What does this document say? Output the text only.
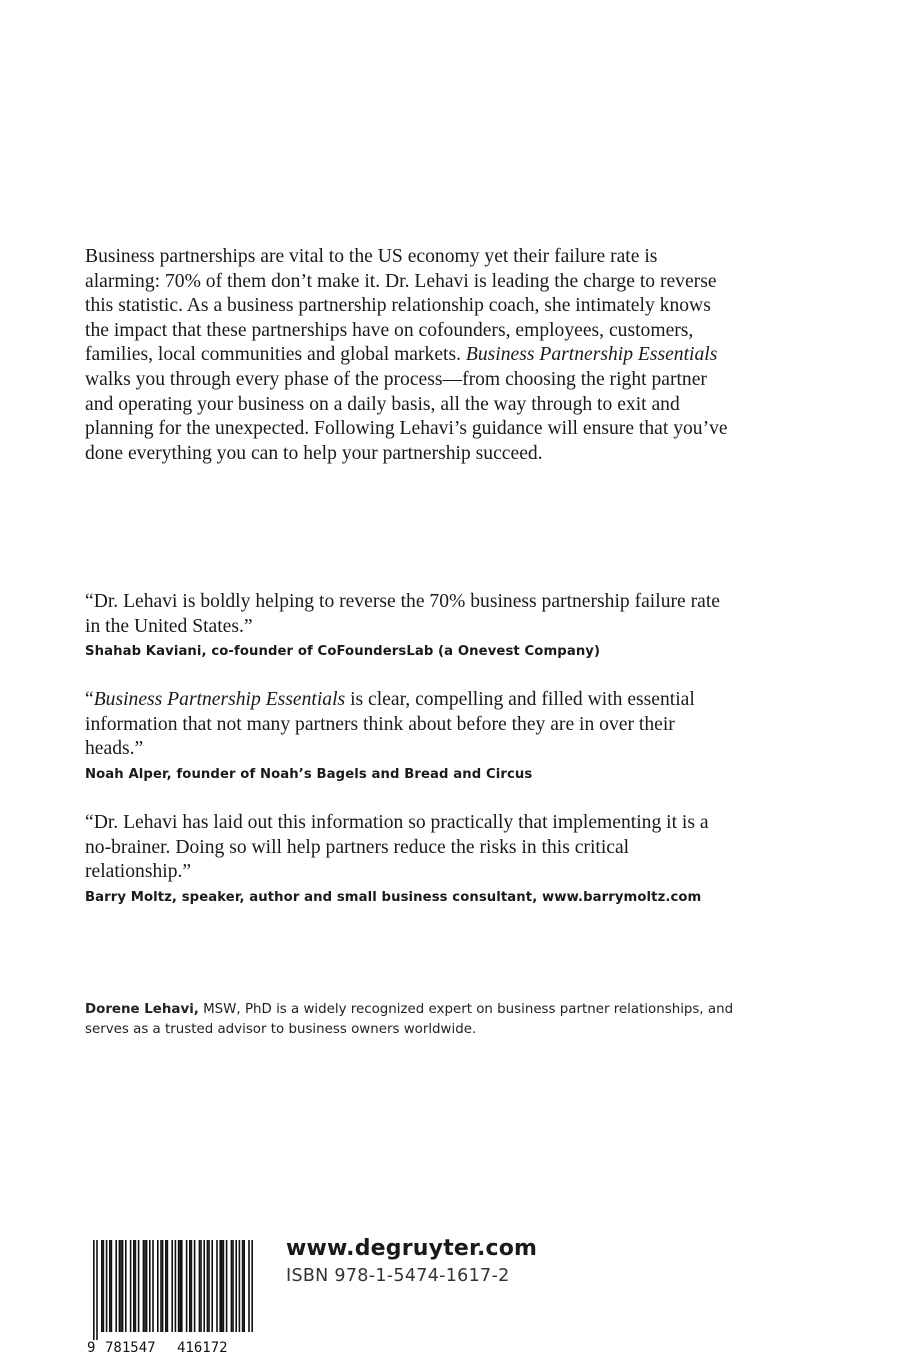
Business partnerships are vital to the US economy yet their failure rate is alarming: 70% of them don’t make it. Dr. Lehavi is leading the charge to reverse this statistic. As a business partnership relationship coach, she intimately knows the impact that these partnerships have on cofounders, employees, customers, families, local communities and global markets. Business Partnership Essentials walks you through every phase of the process—from choosing the right partner and operating your business on a daily basis, all the way through to exit and planning for the unexpected. Following Lehavi’s guidance will ensure that you’ve done everything you can to help your partnership succeed.

“Dr. Lehavi is boldly helping to reverse the 70% business partnership failure rate in the United States.”

Shahab Kaviani, co-founder of CoFoundersLab (a Onevest Company)

“Business Partnership Essentials is clear, compelling and filled with essential information that not many partners think about before they are in over their heads.”

Noah Alper, founder of Noah’s Bagels and Bread and Circus

“Dr. Lehavi has laid out this information so practically that implementing it is a no-brainer. Doing so will help partners reduce the risks in this critical relationship.”

Barry Moltz, speaker, author and small business consultant, www.barrymoltz.com

Dorene Lehavi, MSW, PhD is a widely recognized expert on business partner relationships, and serves as a trusted advisor to business owners worldwide.

9 781547 416172

www.degruyter.com

ISBN 978-1-5474-1617-2
